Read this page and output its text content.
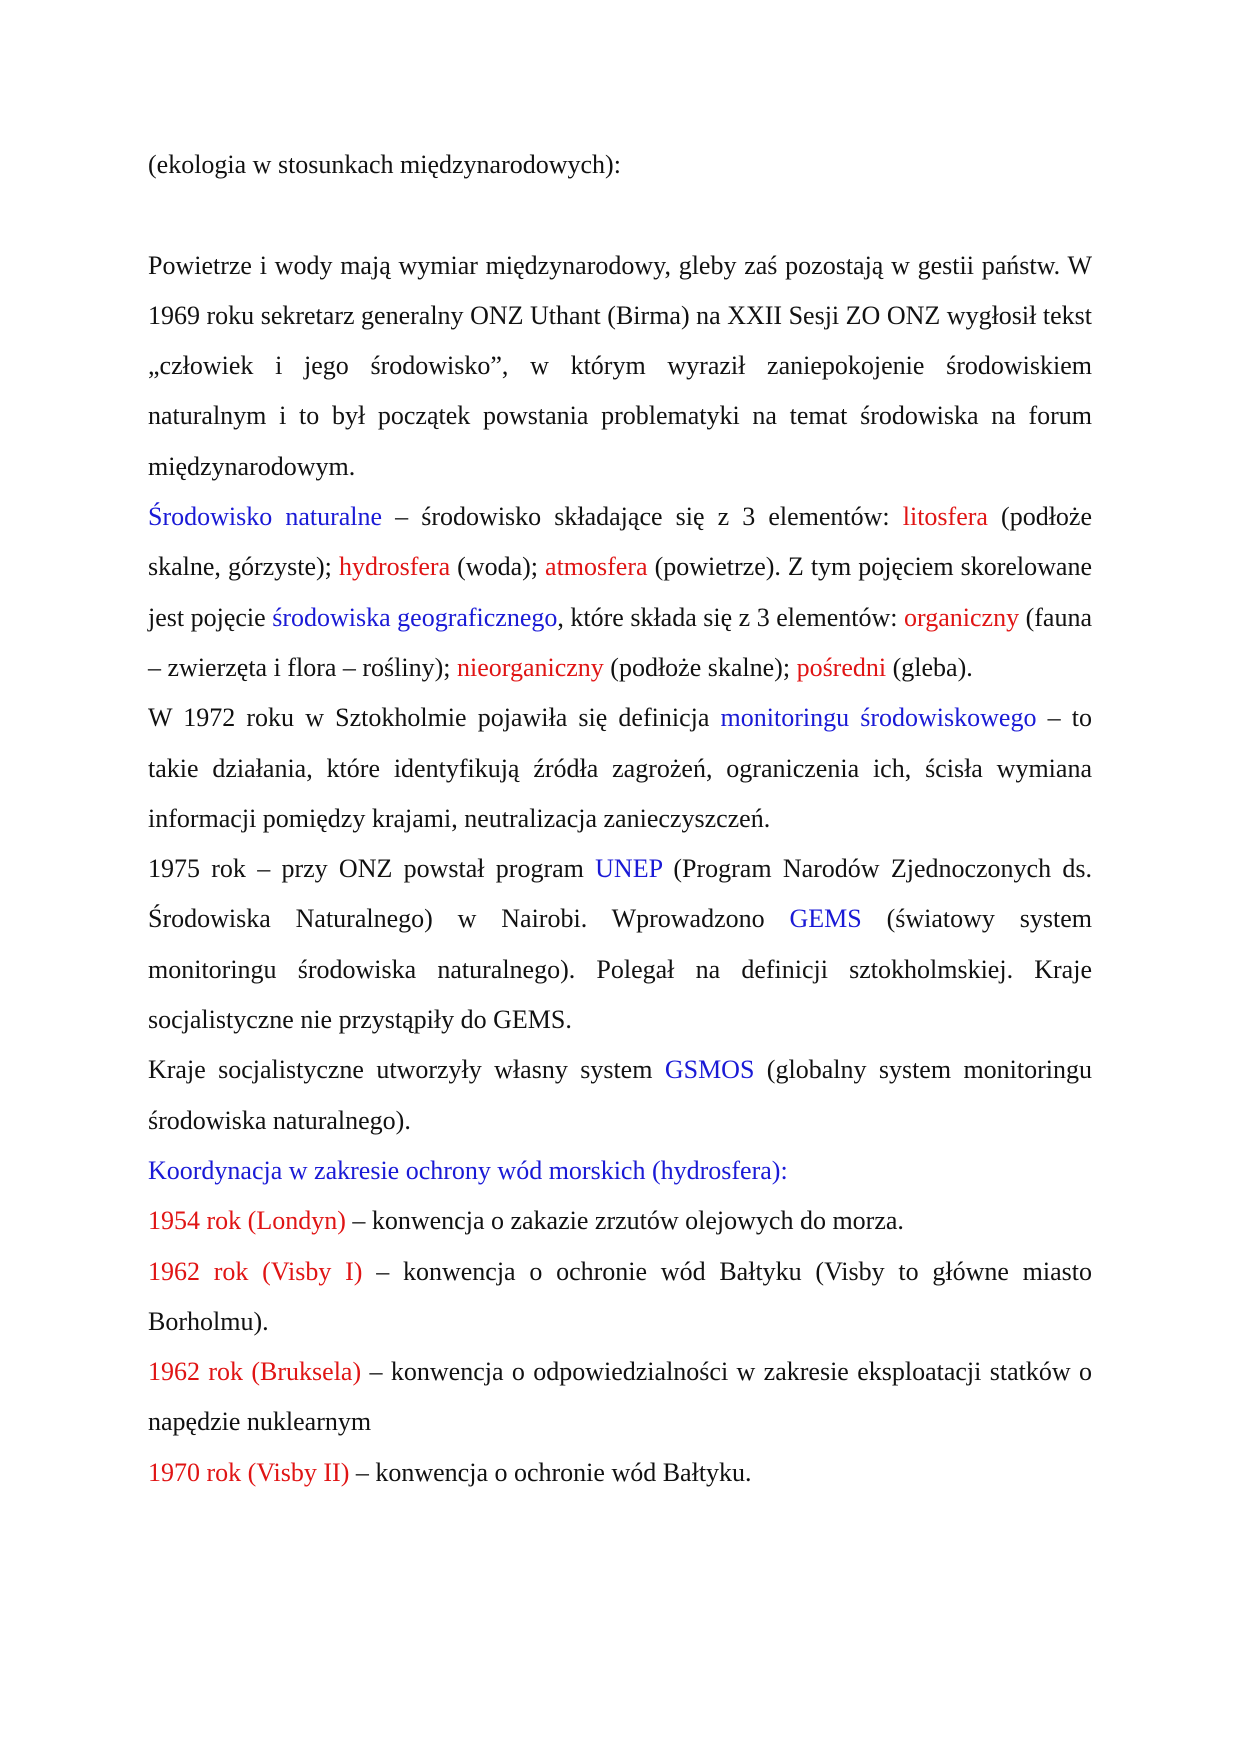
(ekologia w stosunkach międzynarodowych):

Powietrze i wody mają wymiar międzynarodowy, gleby zaś pozostają w gestii państw. W 1969 roku sekretarz generalny ONZ Uthant (Birma) na XXII Sesji ZO ONZ wygłosił tekst „człowiek i jego środowisko”, w którym wyraził zaniepokojenie środowiskiem naturalnym i to był początek powstania problematyki na temat środowiska na forum międzynarodowym.

Środowisko naturalne – środowisko składające się z 3 elementów: litosfera (podłoże skalne, górzyste); hydrosfera (woda); atmosfera (powietrze). Z tym pojęciem skorelowane jest pojęcie środowiska geograficznego, które składa się z 3 elementów: organiczny (fauna – zwierzęta i flora – rośliny); nieorganiczny (podłoże skalne); pośredni (gleba).

W 1972 roku w Sztokholmie pojawiła się definicja monitoringu środowiskowego – to takie działania, które identyfikują źródła zagrożeń, ograniczenia ich, ścisła wymiana informacji pomiędzy krajami, neutralizacja zanieczyszczeń.

1975 rok – przy ONZ powstał program UNEP (Program Narodów Zjednoczonych ds. Środowiska Naturalnego) w Nairobi. Wprowadzono GEMS (światowy system monitoringu środowiska naturalnego). Polegał na definicji sztokholmskiej. Kraje socjalistyczne nie przystąpiły do GEMS.

Kraje socjalistyczne utworzyły własny system GSMOS (globalny system monitoringu środowiska naturalnego).

Koordynacja w zakresie ochrony wód morskich (hydrosfera):

1954 rok (Londyn) – konwencja o zakazie zrzutów olejowych do morza.

1962 rok (Visby I) – konwencja o ochronie wód Bałtyku (Visby to główne miasto Borholmu).

1962 rok (Bruksela) – konwencja o odpowiedzialności w zakresie eksploatacji statków o napędzie nuklearnym

1970 rok (Visby II) – konwencja o ochronie wód Bałtyku.
